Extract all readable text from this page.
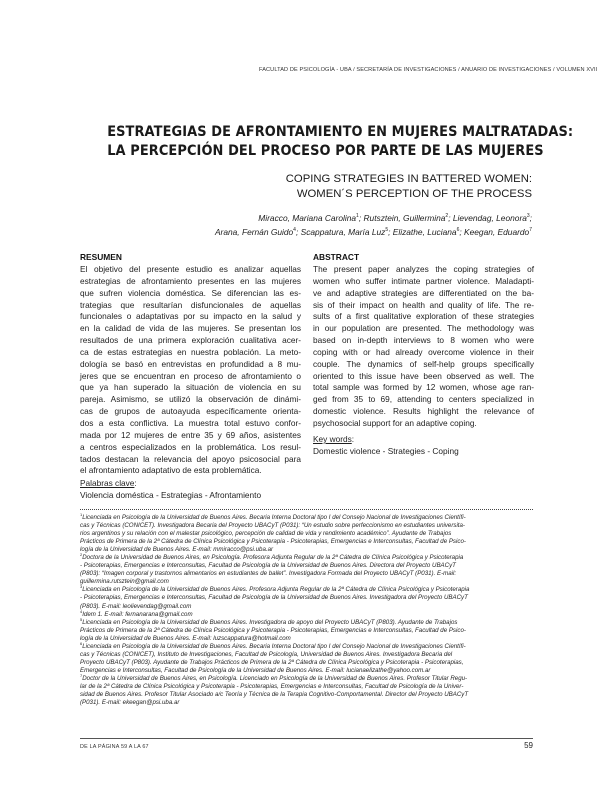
FACULTAD DE PSICOLOGÍA - UBA / SECRETARÍA DE INVESTIGACIONES / ANUARIO DE INVESTIGACIONES / VOLUMEN XVII
ESTRATEGIAS DE AFRONTAMIENTO EN MUJERES MALTRATADAS:
LA PERCEPCIÓN DEL PROCESO POR PARTE DE LAS MUJERES
COPING STRATEGIES IN BATTERED WOMEN:
WOMEN´S PERCEPTION OF THE PROCESS
Miracco, Mariana Carolina$^1$; Rutsztein, Guillermina$^2$; Lievendag, Leonora$^3$;
Arana, Fernán Guido$^4$; Scappatura, María Luz$^5$; Elizathe, Luciana$^6$; Keegan, Eduardo$^7$
RESUMEN
El objetivo del presente estudio es analizar aquellas
estrategias de afrontamiento presentes en las mujeres
que sufren violencia doméstica. Se diferencian las es-
trategias que resultarían disfuncionales de aquellas
funcionales o adaptativas por su impacto en la salud y
en la calidad de vida de las mujeres. Se presentan los
resultados de una primera exploración cualitativa acer-
ca de estas estrategias en nuestra población. La meto-
dología se basó en entrevistas en profundidad a 8 mu-
jeres que se encuentran en proceso de afrontamiento o
que ya han superado la situación de violencia en su
pareja. Asimismo, se utilizó la observación de dinámi-
cas de grupos de autoayuda específicamente orienta-
dos a esta conflictiva. La muestra total estuvo confor-
mada por 12 mujeres de entre 35 y 69 años, asistentes
a centros especializados en la problemática. Los resul-
tados destacan la relevancia del apoyo psicosocial para
el afrontamiento adaptativo de esta problemática.
Palabras clave:
Violencia doméstica - Estrategias - Afrontamiento
ABSTRACT
The present paper analyzes the coping strategies of
women who suffer intimate partner violence. Maladapti-
ve and adaptive strategies are differentiated on the ba-
sis of their impact on health and quality of life. The re-
sults of a first qualitative exploration of these strategies
in our population are presented. The methodology was
based on in-depth interviews to 8 women who were
coping with or had already overcome violence in their
couple. The dynamics of self-help groups specifically
oriented to this issue have been observed as well. The
total sample was formed by 12 women, whose age ran-
ged from 35 to 69, attending to centers specialized in
domestic violence. Results highlight the relevance of
psychosocial support for an adaptive coping.
Key words:
Domestic violence - Strategies - Coping
$^1$Licenciada en Psicología de la Universidad de Buenos Aires. Becaria Interna Doctoral tipo I del Consejo Nacional de Investigaciones Científi-
cas y Técnicas (CONICET). Investigadora Becaria del Proyecto UBACyT (P031): “Un estudio sobre perfeccionismo en estudiantes universita-
rios argentinos y su relación con el malestar psicológico, percepción de calidad de vida y rendimiento académico”. Ayudante de Trabajos
Prácticos de Primera de la 2ª Cátedra de Clínica Psicológica y Psicoterapia - Psicoterapias, Emergencias e Interconsultas, Facultad de Psico-
logía de la Universidad de Buenos Aires. E-mail: mmiracco@psi.uba.ar
$^2$Doctora de la Universidad de Buenos Aires, en Psicología. Profesora Adjunta Regular de la 2ª Cátedra de Clínica Psicológica y Psicoterapia
- Psicoterapias, Emergencias e Interconsultas, Facultad de Psicología de la Universidad de Buenos Aires. Directora del Proyecto UBACyT
(P803): “Imagen corporal y trastornos alimentarios en estudiantes de ballet”. Investigadora Formada del Proyecto UBACyT (P031). E-mail:
guillermina.rutsztein@gmail.com
$^3$Licenciada en Psicología de la Universidad de Buenos Aires. Profesora Adjunta Regular de la 2ª Cátedra de Clínica Psicológica y Psicoterapia
- Psicoterapias, Emergencias e Interconsultas, Facultad de Psicología de la Universidad de Buenos Aires. Investigadora del Proyecto UBACyT
(P803). E-mail: leolievendag@gmail.com
$^4$Idem 1. E-mail: fernanarana@gmail.com
$^5$Licenciada en Psicología de la Universidad de Buenos Aires. Investigadora de apoyo del Proyecto UBACyT (P803). Ayudante de Trabajos
Prácticos de Primera de la 2ª Cátedra de Clínica Psicológica y Psicoterapia - Psicoterapias, Emergencias e Interconsultas, Facultad de Psico-
logía de la Universidad de Buenos Aires. E-mail: luzscappatura@hotmail.com
$^6$Licenciada en Psicología de la Universidad de Buenos Aires. Becaria Interna Doctoral tipo I del Consejo Nacional de Investigaciones Científi-
cas y Técnicas (CONICET), Instituto de Investigaciones, Facultad de Psicología, Universidad de Buenos Aires. Investigadora Becaria del
Proyecto UBACyT (P803). Ayudante de Trabajos Prácticos de Primera de la 2ª Cátedra de Clínica Psicológica y Psicoterapia - Psicoterapias,
Emergencias e Interconsultas, Facultad de Psicología de la Universidad de Buenos Aires. E-mail: lucianaelizathe@yahoo.com.ar
$^7$Doctor de la Universidad de Buenos Aires, en Psicología. Licenciado en Psicología de la Universidad de Buenos Aires. Profesor Titular Regu-
lar de la 2ª Cátedra de Clínica Psicológica y Psicoterapia - Psicoterapias, Emergencias e Interconsultas, Facultad de Psicología de la Univer-
sidad de Buenos Aires. Profesor Titular Asociado a/c Teoría y Técnica de la Terapia Cognitivo-Comportamental. Director del Proyecto UBACyT
(P031). E-mail: ekeegan@psi.uba.ar
DE LA PÁGINA 59 A LA 67	59
